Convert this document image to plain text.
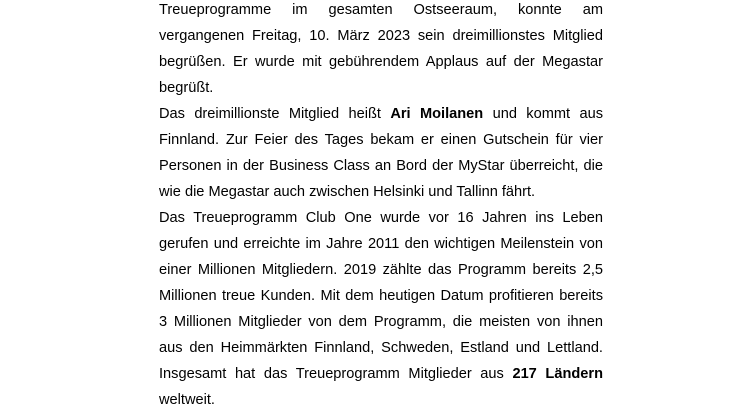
Treueprogramme im gesamten Ostseeraum, konnte am
vergangenen Freitag, 10. März 2023 sein dreimillionstes Mitglied
begrüßen. Er wurde mit gebührendem Applaus auf der Megastar
begrüßt.
Das dreimillionste Mitglied heißt Ari Moilanen und kommt aus
Finnland. Zur Feier des Tages bekam er einen Gutschein für vier
Personen in der Business Class an Bord der MyStar überreicht, die
wie die Megastar auch zwischen Helsinki und Tallinn fährt.
Das Treueprogramm Club One wurde vor 16 Jahren ins Leben
gerufen und erreichte im Jahre 2011 den wichtigen Meilenstein von
einer Millionen Mitgliedern. 2019 zählte das Programm bereits 2,5
Millionen treue Kunden. Mit dem heutigen Datum profitieren bereits
3 Millionen Mitglieder von dem Programm, die meisten von ihnen
aus den Heimmärkten Finnland, Schweden, Estland und Lettland.
Insgesamt hat das Treueprogramm Mitglieder aus 217 Ländern
weltweit.
